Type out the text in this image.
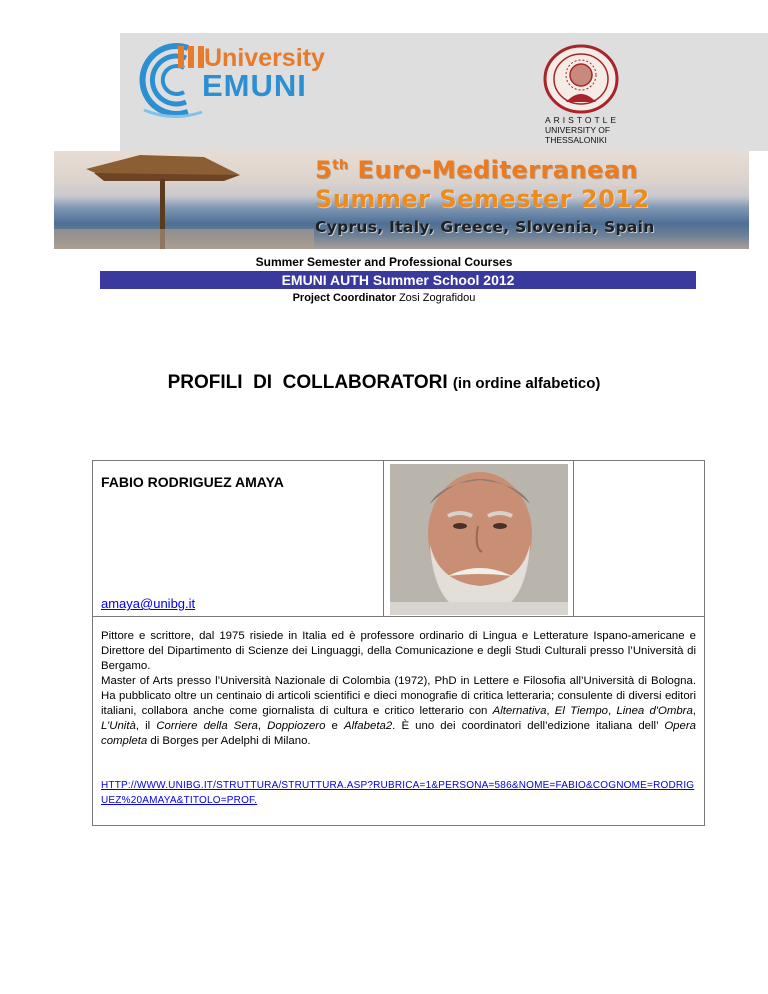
University
EMUNI
ARISTOTLE
UNIVERSITY OF
THESSALONIKI
5th Euro-Mediterranean
Summer Semester 2012
Cyprus, Italy, Greece, Slovenia, Spain
Summer Semester and Professional Courses
EMUNI AUTH Summer School 2012
Project Coordinator Zosi Zografidou
PROFILI  DI  COLLABORATORI (in ordine alfabetico)
FABIO RODRIGUEZ AMAYA
amaya@unibg.it

Pittore e scrittore, dal 1975 risiede in Italia ed è professore ordinario di Lingua e Letterature Ispano-americane e Direttore del Dipartimento di Scienze dei Linguaggi, della Comunicazione e degli Studi Culturali presso l’Università di Bergamo.

Master of Arts presso l’Università Nazionale di Colombia (1972), PhD in Lettere e Filosofia all’Università di Bologna. Ha pubblicato oltre un centinaio di articoli scientifici e dieci monografie di critica letteraria; consulente di diversi editori italiani, collabora anche come giornalista di cultura e critico letterario con Alternativa, El Tiempo, Linea d'Ombra, L’Unità, il Corriere della Sera, Doppiozero e Alfabeta2. È uno dei coordinatori dell’edizione italiana dell’ Opera completa di Borges per Adelphi di Milano.

HTTP://WWW.UNIBG.IT/STRUTTURA/STRUTTURA.ASP?RUBRICA=1&PERSONA=586&NOME=FABIO&COGNOME=RODRIGUEZ%20AMAYA&TITOLO=PROF.
